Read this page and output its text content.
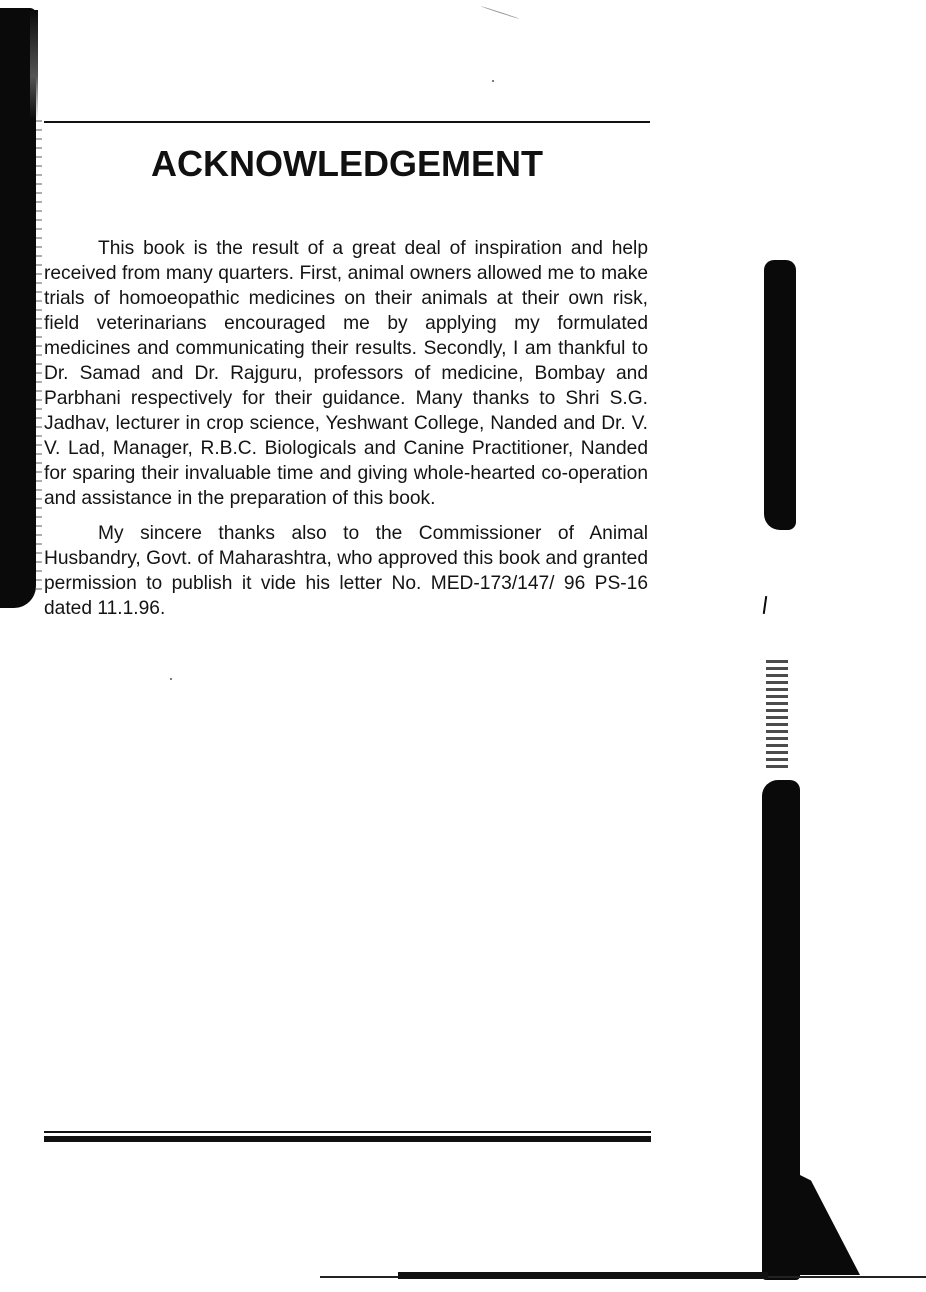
ACKNOWLEDGEMENT

This book is the result of a great deal of inspiration and help received from many quarters. First, animal owners allowed me to make trials of homoeopathic medicines on their animals at their own risk, field veterinarians encouraged me by applying my formulated medicines and communicating their results. Secondly, I am thankful to Dr. Samad and Dr. Rajguru, professors of medicine, Bombay and Parbhani respectively for their guidance. Many thanks to Shri S.G. Jadhav, lecturer in crop science, Yeshwant College, Nanded and Dr. V. V. Lad, Manager, R.B.C. Biologicals and Canine Practitioner, Nanded for sparing their invaluable time and giving whole-hearted co-operation and assistance in the preparation of this book.

My sincere thanks also to the Commissioner of Animal Husbandry, Govt. of Maharashtra, who approved this book and granted permission to publish it vide his letter No. MED-173/147/ 96 PS-16 dated 11.1.96.
